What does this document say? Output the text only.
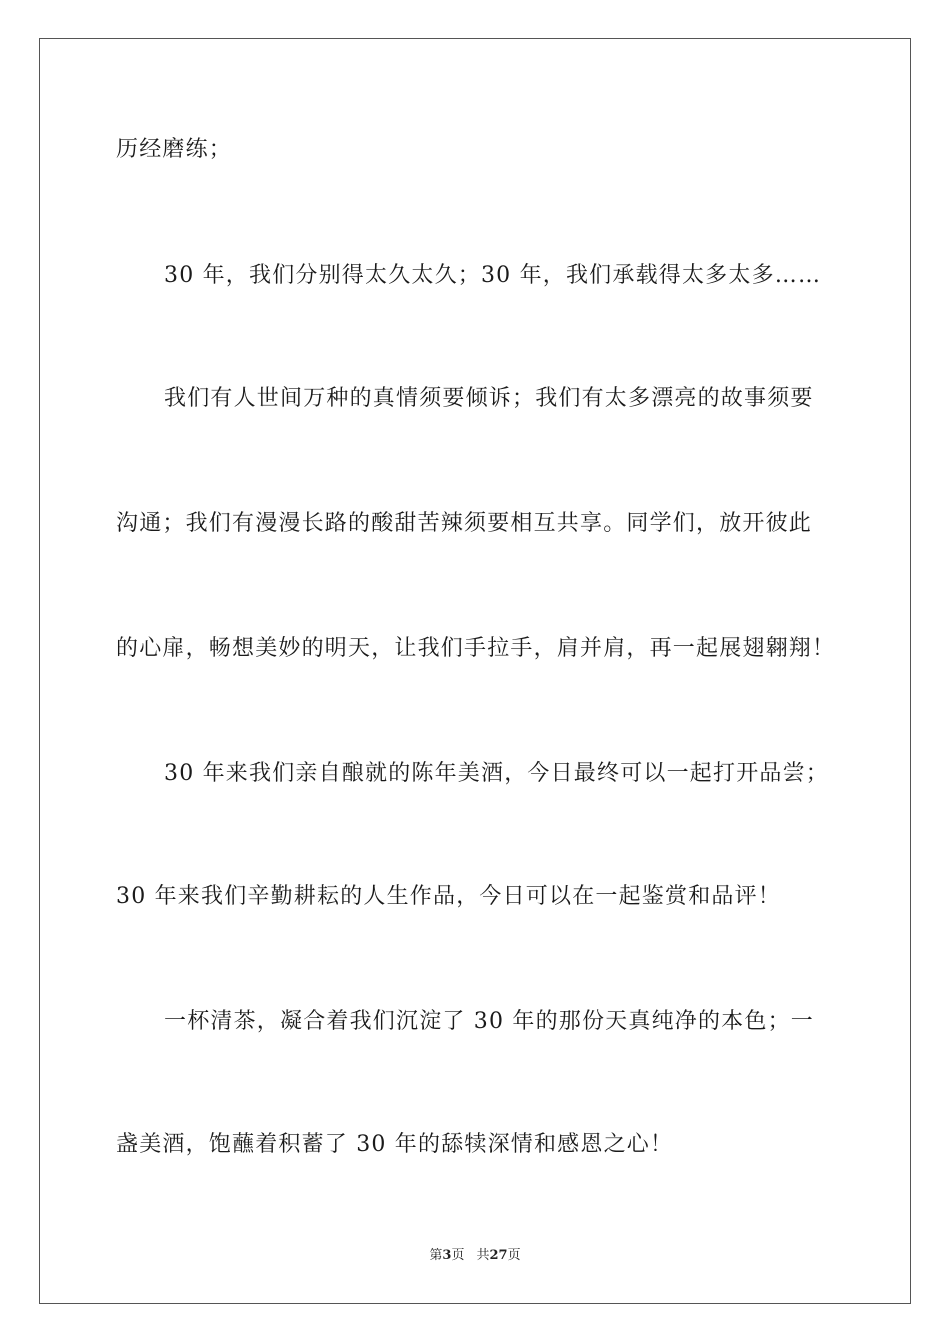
历经磨练；

30 年，我们分别得太久太久；30 年，我们承载得太多太多……

我们有人世间万种的真情须要倾诉；我们有太多漂亮的故事须要

沟通；我们有漫漫长路的酸甜苦辣须要相互共享。同学们，放开彼此

的心扉，畅想美妙的明天，让我们手拉手，肩并肩，再一起展翅翱翔！

30 年来我们亲自酿就的陈年美酒，今日最终可以一起打开品尝；

30 年来我们辛勤耕耘的人生作品，今日可以在一起鉴赏和品评！

一杯清茶，凝合着我们沉淀了 30 年的那份天真纯净的本色；一

盏美酒，饱蘸着积蓄了 30 年的舔犊深情和感恩之心！

第3页 共27页
